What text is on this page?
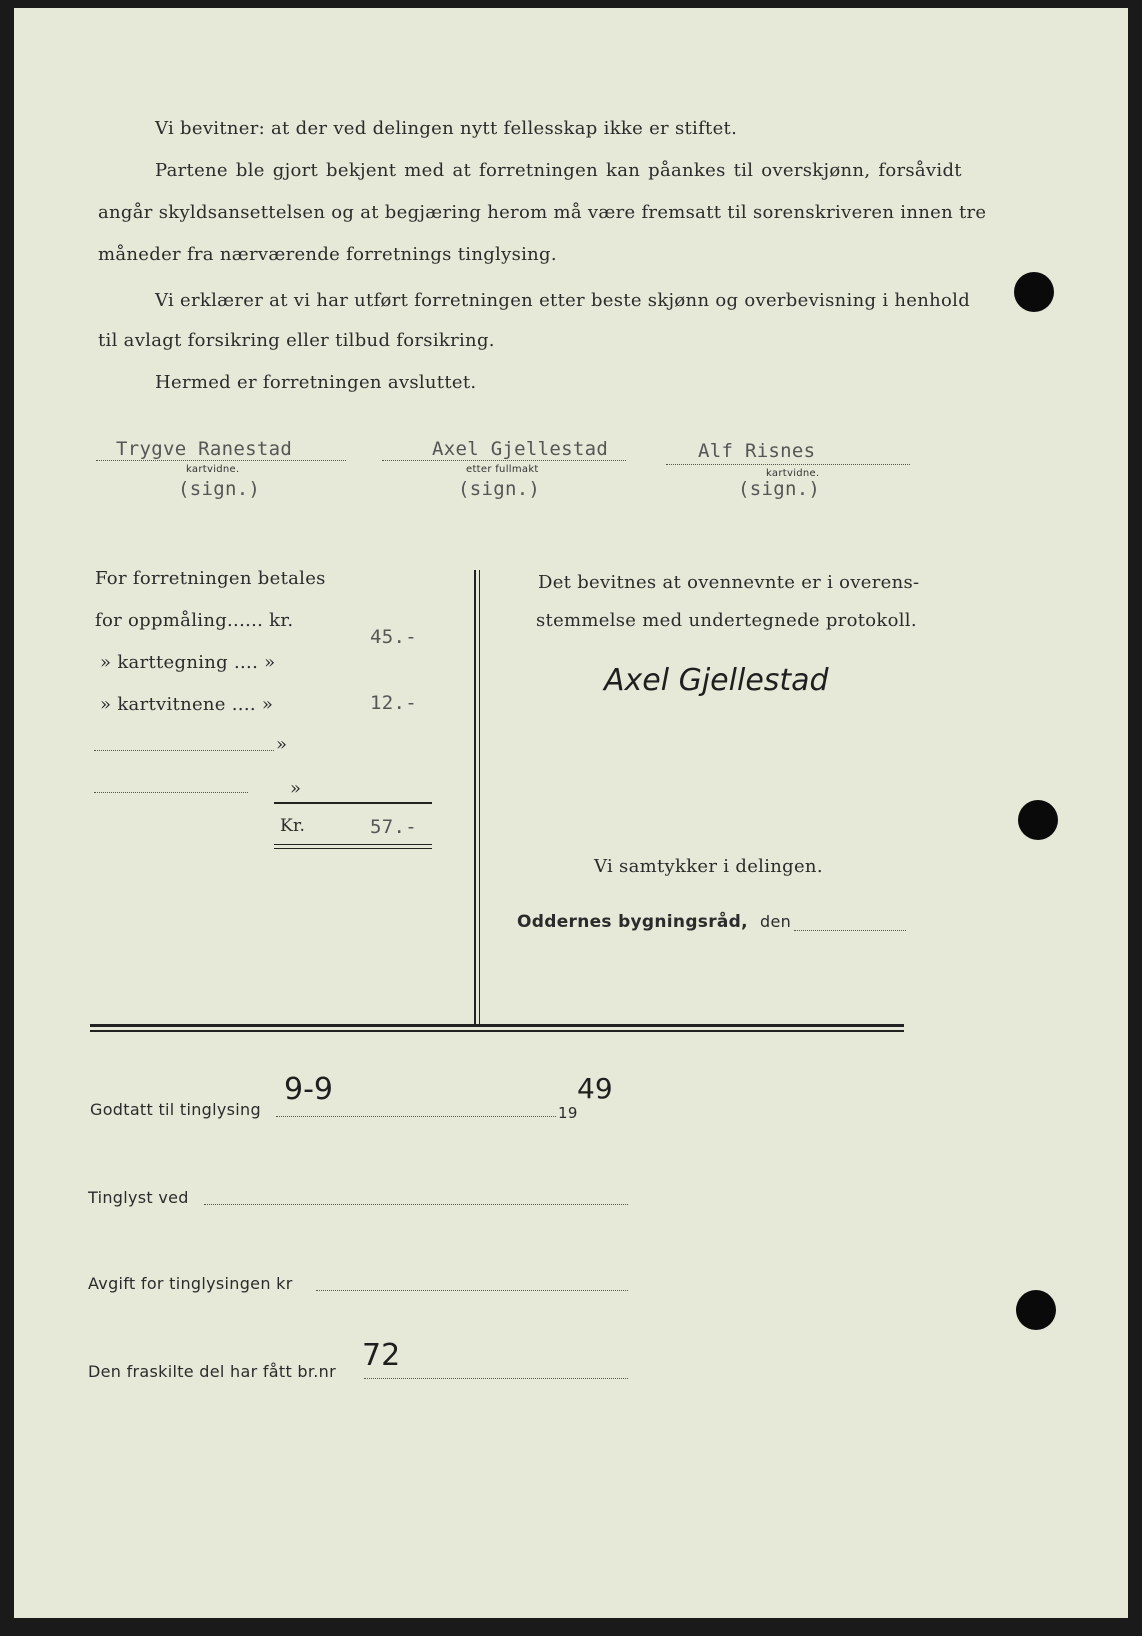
Vi bevitner: at der ved delingen nytt fellesskap ikke er stiftet.
Partene ble gjort bekjent med at forretningen kan påankes til overskjønn, forsåvidt
angår skyldsansettelsen og at begjæring herom må være fremsatt til sorenskriveren innen tre
måneder fra nærværende forretnings tinglysing.
Vi erklærer at vi har utført forretningen etter beste skjønn og overbevisning i henhold
til avlagt forsikring eller tilbud forsikring.
Hermed er forretningen avsluttet.
Trygve Ranestad
kartvidne.
(sign.)
Axel Gjellestad
etter fullmakt
(sign.)
Alf Risnes
kartvidne.
(sign.)
For forretningen betales
for oppmåling...... kr.
45.-
» karttegning .... »
» kartvitnene .... »	12.-
»
»
Kr.	57.-
Det bevitnes at ovennevnte er i overens-
stemmelse med undertegnede protokoll.
Axel Gjellestad
Vi samtykker i delingen.
Oddernes bygningsråd, den
Godtatt til tinglysing
9-9
19
49
Tinglyst ved
Avgift for tinglysingen kr
Den fraskilte del har fått br.nr 72
